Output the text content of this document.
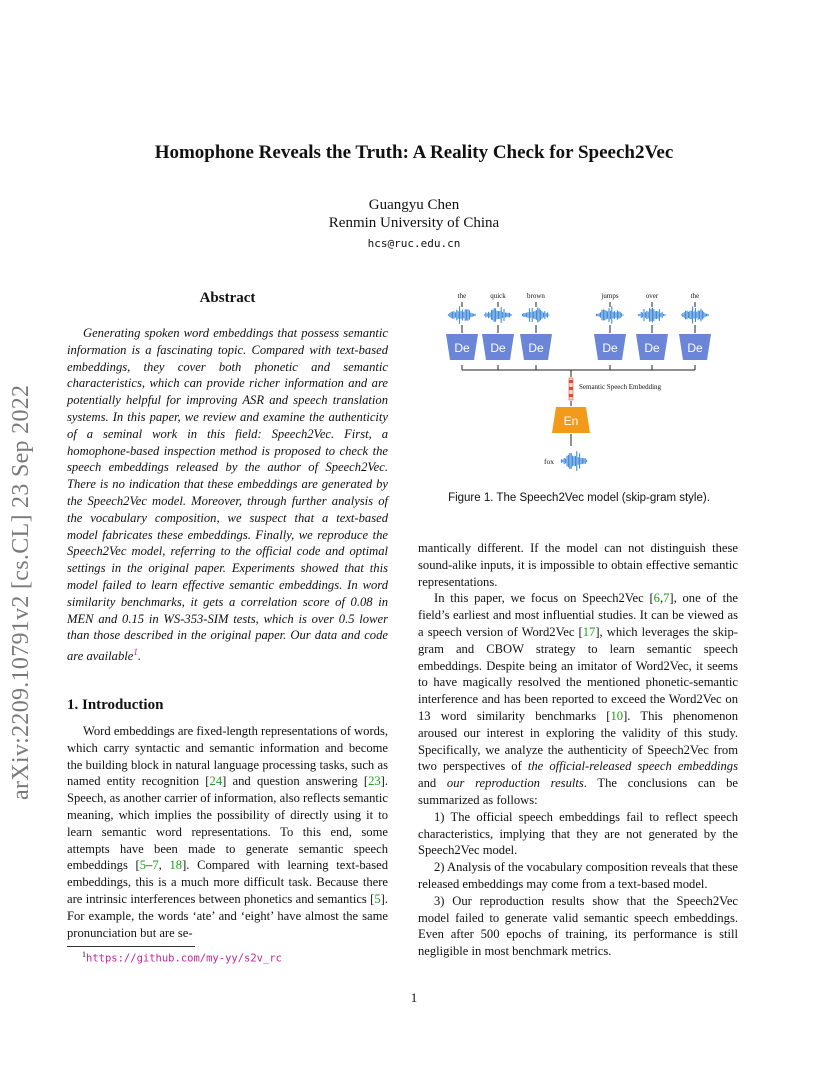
arXiv:2209.10791v2 [cs.CL] 23 Sep 2022
Homophone Reveals the Truth: A Reality Check for Speech2Vec
Guangyu Chen
Renmin University of China
hcs@ruc.edu.cn
Abstract

Generating spoken word embeddings that possess semantic information is a fascinating topic. Compared with text-based embeddings, they cover both phonetic and semantic characteristics, which can provide richer information and are potentially helpful for improving ASR and speech translation systems. In this paper, we review and examine the authenticity of a seminal work in this field: Speech2Vec. First, a homophone-based inspection method is proposed to check the speech embeddings released by the author of Speech2Vec. There is no indication that these embeddings are generated by the Speech2Vec model. Moreover, through further analysis of the vocabulary composition, we suspect that a text-based model fabricates these embeddings. Finally, we reproduce the Speech2Vec model, referring to the official code and optimal settings in the original paper. Experiments showed that this model failed to learn effective semantic embeddings. In word similarity benchmarks, it gets a correlation score of 0.08 in MEN and 0.15 in WS-353-SIM tests, which is over 0.5 lower than those described in the original paper. Our data and code are available$^1$.

1. Introduction

Word embeddings are fixed-length representations of words, which carry syntactic and semantic information and become the building block in natural language processing tasks, such as named entity recognition [24] and question answering [23]. Speech, as another carrier of information, also reflects semantic meaning, which implies the possibility of directly using it to learn semantic word representations. To this end, some attempts have been made to generate semantic speech embeddings [5–7, 18]. Compared with learning text-based embeddings, this is a much more difficult task. Because there are intrinsic interferences between phonetics and semantics [5]. For example, the words ‘ate’ and ‘eight’ have almost the same pronunciation but are se-

$^1$https://github.com/my-yy/s2v_rc
the	quick	brown	jumps	over	the
De De De	De De De
Semantic Speech Embedding
En
fox
Figure 1. The Speech2Vec model (skip-gram style).

mantically different. If the model can not distinguish these sound-alike inputs, it is impossible to obtain effective semantic representations.

In this paper, we focus on Speech2Vec [6,7], one of the field’s earliest and most influential studies. It can be viewed as a speech version of Word2Vec [17], which leverages the skip-gram and CBOW strategy to learn semantic speech embeddings. Despite being an imitator of Word2Vec, it seems to have magically resolved the mentioned phonetic-semantic interference and has been reported to exceed the Word2Vec on 13 word similarity benchmarks [10]. This phenomenon aroused our interest in exploring the validity of this study. Specifically, we analyze the authenticity of Speech2Vec from two perspectives of the official-released speech embeddings and our reproduction results. The conclusions can be summarized as follows:

1) The official speech embeddings fail to reflect speech characteristics, implying that they are not generated by the Speech2Vec model.

2) Analysis of the vocabulary composition reveals that these released embeddings may come from a text-based model.

3) Our reproduction results show that the Speech2Vec model failed to generate valid semantic speech embeddings. Even after 500 epochs of training, its performance is still negligible in most benchmark metrics.

1
